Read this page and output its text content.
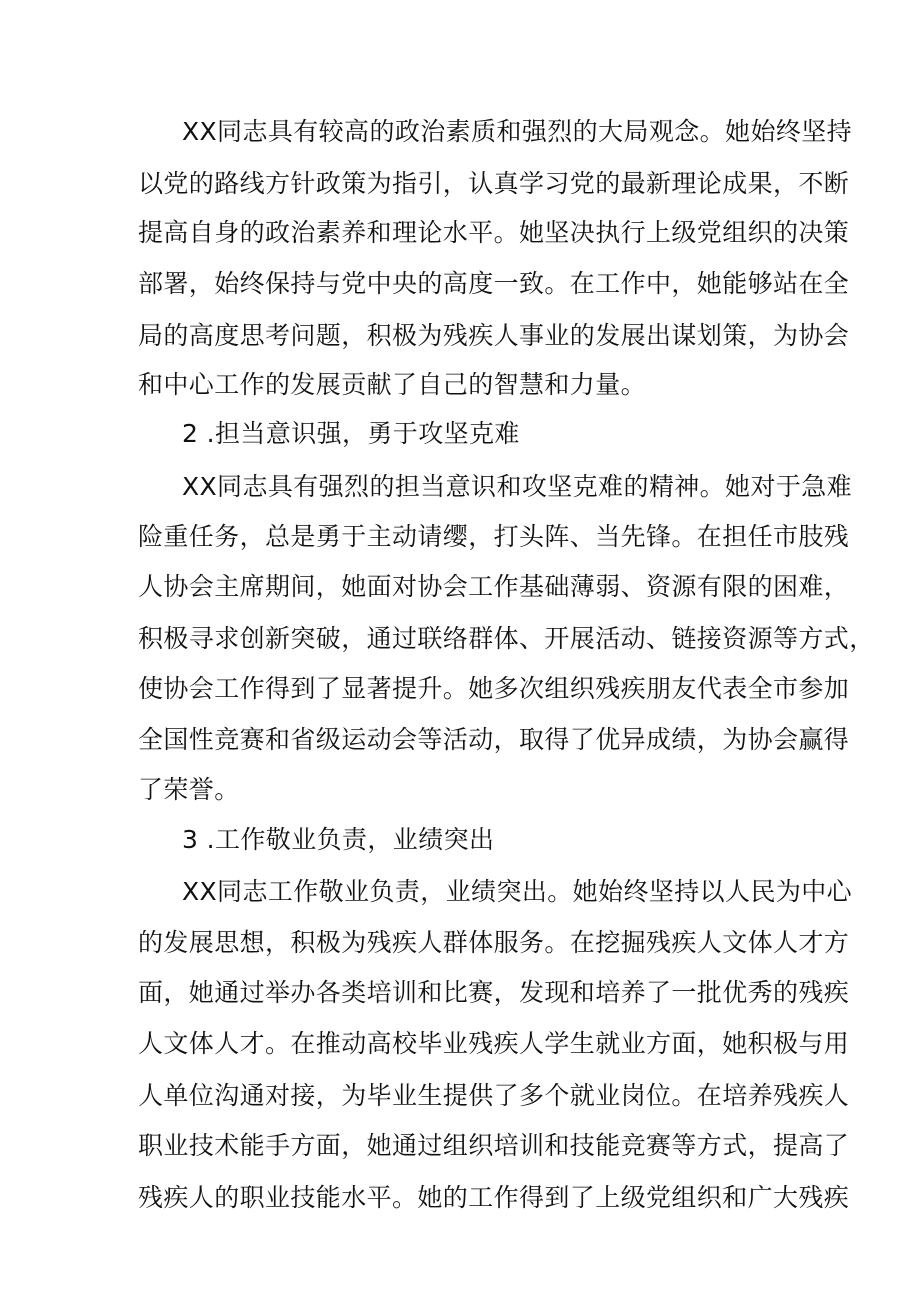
XX同志具有较高的政治素质和强烈的大局观念。她始终坚持
以党的路线方针政策为指引，认真学习党的最新理论成果，不断
提高自身的政治素养和理论水平。她坚决执行上级党组织的决策
部署，始终保持与党中央的高度一致。在工作中，她能够站在全
局的高度思考问题，积极为残疾人事业的发展出谋划策，为协会
和中心工作的发展贡献了自己的智慧和力量。
2 .担当意识强，勇于攻坚克难
XX同志具有强烈的担当意识和攻坚克难的精神。她对于急难
险重任务，总是勇于主动请缨，打头阵、当先锋。在担任市肢残
人协会主席期间，她面对协会工作基础薄弱、资源有限的困难，
积极寻求创新突破，通过联络群体、开展活动、链接资源等方式，
使协会工作得到了显著提升。她多次组织残疾朋友代表全市参加
全国性竞赛和省级运动会等活动，取得了优异成绩，为协会赢得
了荣誉。
3 .工作敬业负责，业绩突出
XX同志工作敬业负责，业绩突出。她始终坚持以人民为中心
的发展思想，积极为残疾人群体服务。在挖掘残疾人文体人才方
面，她通过举办各类培训和比赛，发现和培养了一批优秀的残疾
人文体人才。在推动高校毕业残疾人学生就业方面，她积极与用
人单位沟通对接，为毕业生提供了多个就业岗位。在培养残疾人
职业技术能手方面，她通过组织培训和技能竞赛等方式，提高了
残疾人的职业技能水平。她的工作得到了上级党组织和广大残疾
